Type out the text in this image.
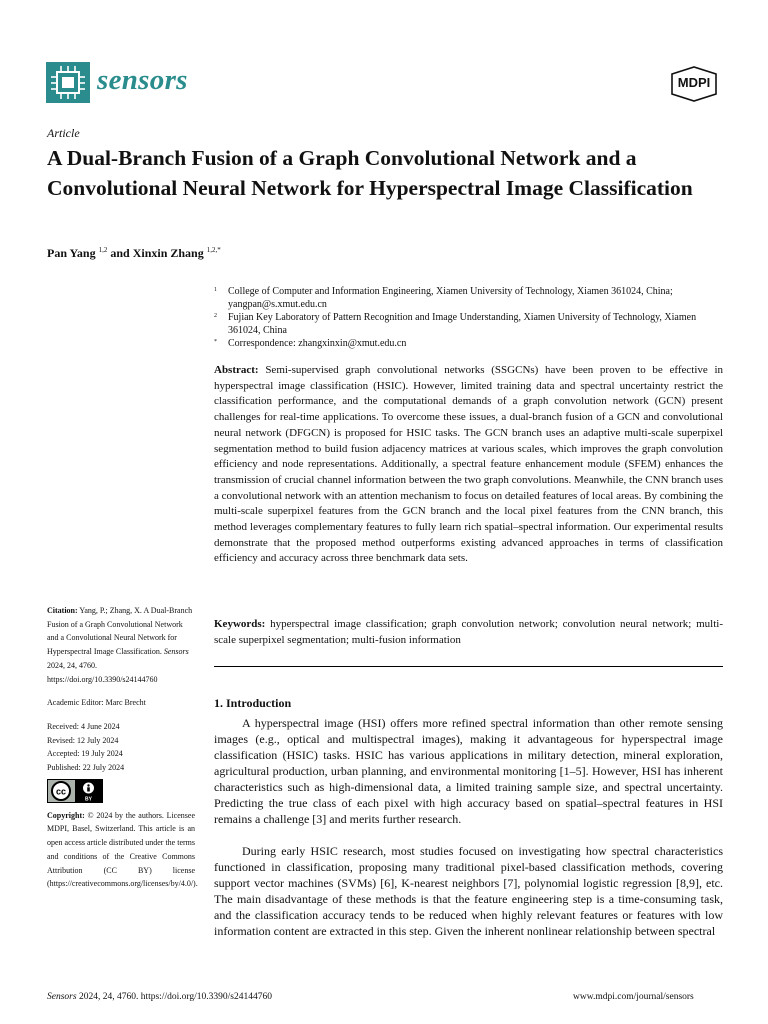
sensors	MDPI
Article
A Dual-Branch Fusion of a Graph Convolutional Network and a Convolutional Neural Network for Hyperspectral Image Classification
Pan Yang $^{1,2}$ and Xinxin Zhang $^{1,2,*}$
1 College of Computer and Information Engineering, Xiamen University of Technology, Xiamen 361024, China; yangpan@s.xmut.edu.cn
2 Fujian Key Laboratory of Pattern Recognition and Image Understanding, Xiamen University of Technology, Xiamen 361024, China
* Correspondence: zhangxinxin@xmut.edu.cn

Abstract: Semi-supervised graph convolutional networks (SSGCNs) have been proven to be effective in hyperspectral image classification (HSIC). However, limited training data and spectral uncertainty restrict the classification performance, and the computational demands of a graph convolution network (GCN) present challenges for real-time applications. To overcome these issues, a dual-branch fusion of a GCN and convolutional neural network (DFGCN) is proposed for HSIC tasks. The GCN branch uses an adaptive multi-scale superpixel segmentation method to build fusion adjacency matrices at various scales, which improves the graph convolution efficiency and node representations. Additionally, a spectral feature enhancement module (SFEM) enhances the transmission of crucial channel information between the two graph convolutions. Meanwhile, the CNN branch uses a convolutional network with an attention mechanism to focus on detailed features of local areas. By combining the multi-scale superpixel features from the GCN branch and the local pixel features from the CNN branch, this method leverages complementary features to fully learn rich spatial–spectral information. Our experimental results demonstrate that the proposed method outperforms existing advanced approaches in terms of classification efficiency and accuracy across three benchmark data sets.

Keywords: hyperspectral image classification; graph convolution network; convolution neural network; multi-scale superpixel segmentation; multi-fusion information

Citation: Yang, P.; Zhang, X. A Dual-Branch Fusion of a Graph Convolutional Network and a Convolutional Neural Network for Hyperspectral Image Classification. Sensors 2024, 24, 4760. https://doi.org/10.3390/s24144760

Academic Editor: Marc Brecht

Received: 4 June 2024

Revised: 12 July 2024

Accepted: 19 July 2024

Published: 22 July 2024

cc
BY

Copyright: © 2024 by the authors. Licensee MDPI, Basel, Switzerland. This article is an open access article distributed under the terms and conditions of the Creative Commons Attribution (CC BY) license (https://creativecommons.org/licenses/by/4.0/).

1. Introduction

A hyperspectral image (HSI) offers more refined spectral information than other remote sensing images (e.g., optical and multispectral images), making it advantageous for hyperspectral image classification (HSIC) tasks. HSIC has various applications in military detection, mineral exploration, agricultural production, urban planning, and environmental monitoring [1–5]. However, HSI has inherent characteristics such as high-dimensional data, a limited training sample size, and spectral uncertainty. Predicting the true class of each pixel with high accuracy based on spatial–spectral features in HSI remains a challenge [3] and merits further research.

During early HSIC research, most studies focused on investigating how spectral characteristics functioned in classification, proposing many traditional pixel-based classification methods, covering support vector machines (SVMs) [6], K-nearest neighbors [7], polynomial logistic regression [8,9], etc. The main disadvantage of these methods is that the feature engineering step is a time-consuming task, and the classification accuracy tends to be reduced when highly relevant features or features with low information content are extracted in this step. Given the inherent nonlinear relationship between spectral

Sensors 2024, 24, 4760. https://doi.org/10.3390/s24144760	www.mdpi.com/journal/sensors
